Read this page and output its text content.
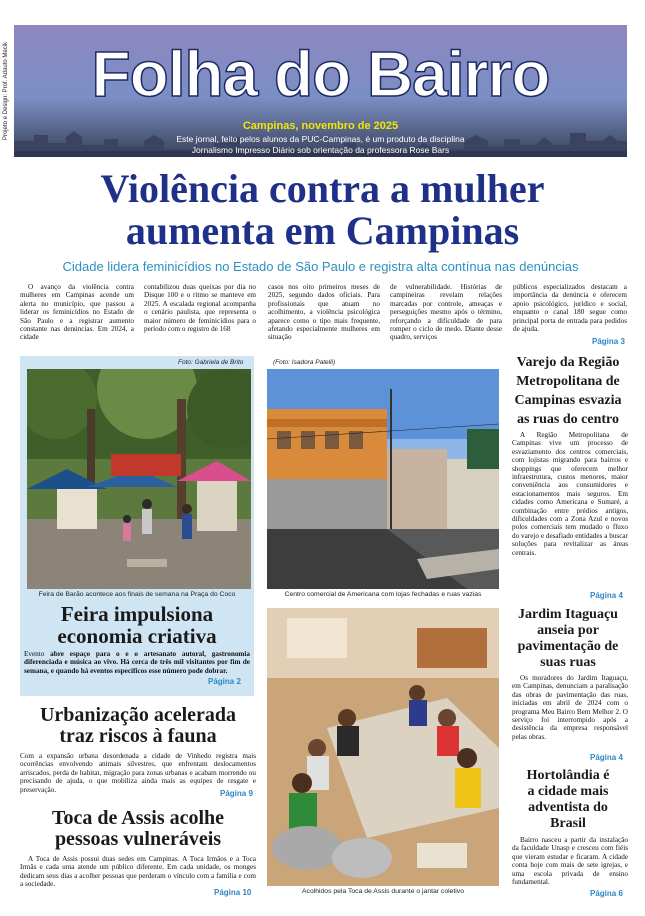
Projeto e Design: Prof. Adauto Mecik	Folha do Bairro
Campinas, novembro de 2025
Este jornal, feito pelos alunos da PUC-Campinas, é um produto da disciplina
Jornalismo Impresso Diário sob orientação da professora Rose Bars
Violência contra a mulher
aumenta em Campinas
Cidade lidera feminicídios no Estado de São Paulo e registra alta contínua nas denúncias
O avanço da violência contra mulheres em Campinas acende um alerta no município, que passou a liderar os feminicídios no Estado de São Paulo e a registrar aumento constante nas denúncias. Em 2024, a cidade
contabilizou duas queixas por dia no Disque 100 e o ritmo se manteve em 2025. A escalada regional acompanha o cenário paulista, que representa o maior número de feminicídios para o período com o registro de 168
casos nos oito primeiros meses de 2025, segundo dados oficiais. Para profissionais que atuam no acolhimento, a violência psicológica aparece como o tipo mais frequente, afetando especialmente mulheres em situação
de vulnerabilidade. Histórias de campineiras revelam relações marcadas por controle, ameaças e perseguições mesmo após o término, reforçando a dificuldade de para romper o ciclo de medo. Diante desse quadro, serviços
públicos especializados destacam a importância da denúncia e oferecem apoio psicológico, jurídico e social, enquanto o canal 180 segue como principal porta de entrada para pedidos de ajuda.
Página 3
Foto: Gabriela de Brito
Feira de Barão acontece aos finais de semana na Praça do Coco
Feira impulsiona
economia criativa
Evento abre espaço para o e o artesanato autoral, gastronomia diferenciada e música ao vivo. Há cerca de três mil visitantes por fim de semana, e quando há eventos específicos esse número pode dobrar.
Página 2
(Foto: Isadora Patelli)
Centro comercial de Americana com lojas fechadas e ruas vazias
Varejo da Região
Metropolitana de
Campinas esvazia
as ruas do centro
A Região Metropolitana de Campinas vive um processo de esvaziamento dos centros comerciais, com lojistas migrando para bairros e shoppings que oferecem melhor infraestrutura, custos menores, maior conveniência aos consumidores e estacionamentos mais seguros. Em cidades como Americana e Sumaré, a combinação entre prédios antigos, dificuldades com a Zona Azul e novos polos comerciais tem mudado o fluxo do varejo e desafiado entidades a buscar soluções para revitalizar as áreas centrais.
Página 4
Urbanização acelerada
traz riscos à fauna
Com a expansão urbana desordenada a cidade de Vinhedo registra mais ocorrências envolvendo animais silvestres, que enfrentam deslocamentos arriscados, perda de habitat, migração para zonas urbanas e acabam morrendo ou precisando de ajuda, o que mobiliza ainda mais as equipes de resgate e preservação.	Página 9
Acolhidos pela Toca de Assis durante o jantar coletivo
Toca de Assis acolhe
pessoas vulneráveis
A Toca de Assis possui duas sedes em Campinas. A Toca Irmãos e a Toca Irmãs e cada uma atende um público diferente. Em cada unidade, os monges dedicam seus dias a acolher pessoas que perderam o vínculo com a família e com a sociedade.
Página 10
Jardim Itaguaçu
anseia por
pavimentação de
suas ruas
Os moradores do Jardim Itaguaçu, em Campinas, denunciam a paralisação das obras de pavimentação das ruas, iniciadas em abril de 2024 com o programa Meu Bairro Bem Melhor 2. O serviço foi interrompido após a desistência da empresa responsável pelas obras.
Página 4
Hortolândia é
a cidade mais
adventista do
Brasil
Bairro nasceu a partir da instalação da faculdade Unasp e cresceu com fiéis que vieram estudar e ficaram. A cidade conta hoje com mais de sete igrejas, e uma escola privada de ensino fundamental.
Página 6
